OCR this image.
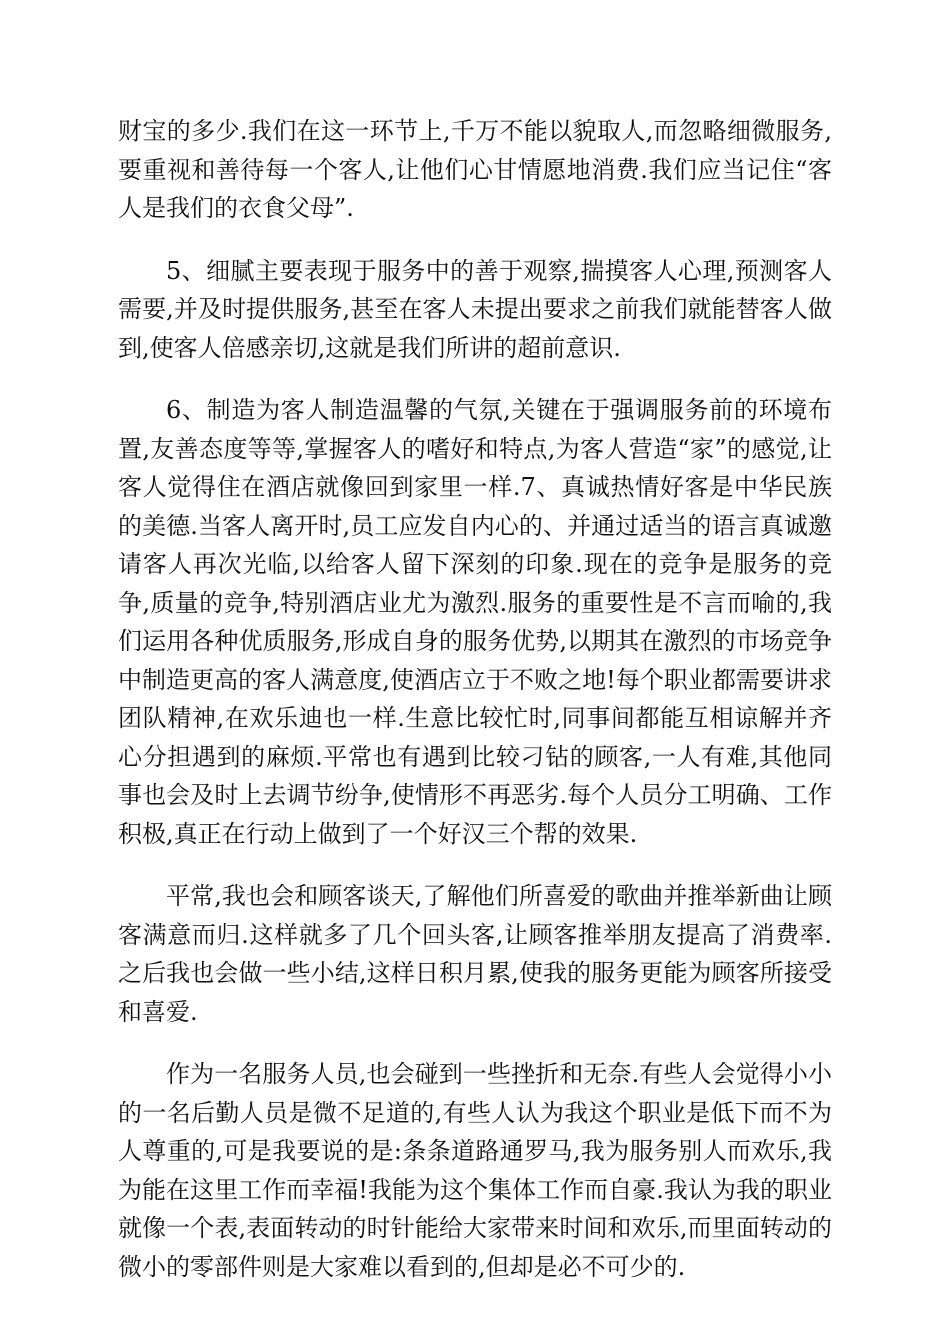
财宝的多少.我们在这一环节上,千万不能以貌取人,而忽略细微服务,要重视和善待每一个客人,让他们心甘情愿地消费.我们应当记住“客人是我们的衣食父母”.

5、细腻主要表现于服务中的善于观察,揣摸客人心理,预测客人需要,并及时提供服务,甚至在客人未提出要求之前我们就能替客人做到,使客人倍感亲切,这就是我们所讲的超前意识.

6、制造为客人制造温馨的气氛,关键在于强调服务前的环境布置,友善态度等等,掌握客人的嗜好和特点,为客人营造“家”的感觉,让客人觉得住在酒店就像回到家里一样.7、真诚热情好客是中华民族的美德.当客人离开时,员工应发自内心的、并通过适当的语言真诚邀请客人再次光临,以给客人留下深刻的印象.现在的竞争是服务的竞争,质量的竞争,特别酒店业尤为激烈.服务的重要性是不言而喻的,我们运用各种优质服务,形成自身的服务优势,以期其在激烈的市场竞争中制造更高的客人满意度,使酒店立于不败之地!每个职业都需要讲求团队精神,在欢乐迪也一样.生意比较忙时,同事间都能互相谅解并齐心分担遇到的麻烦.平常也有遇到比较刁钻的顾客,一人有难,其他同事也会及时上去调节纷争,使情形不再恶劣.每个人员分工明确、工作积极,真正在行动上做到了一个好汉三个帮的效果.

平常,我也会和顾客谈天,了解他们所喜爱的歌曲并推举新曲让顾客满意而归.这样就多了几个回头客,让顾客推举朋友提高了消费率.之后我也会做一些小结,这样日积月累,使我的服务更能为顾客所接受和喜爱.

作为一名服务人员,也会碰到一些挫折和无奈.有些人会觉得小小的一名后勤人员是微不足道的,有些人认为我这个职业是低下而不为人尊重的,可是我要说的是:条条道路通罗马,我为服务别人而欢乐,我为能在这里工作而幸福!我能为这个集体工作而自豪.我认为我的职业就像一个表,表面转动的时针能给大家带来时间和欢乐,而里面转动的微小的零部件则是大家难以看到的,但却是必不可少的.
